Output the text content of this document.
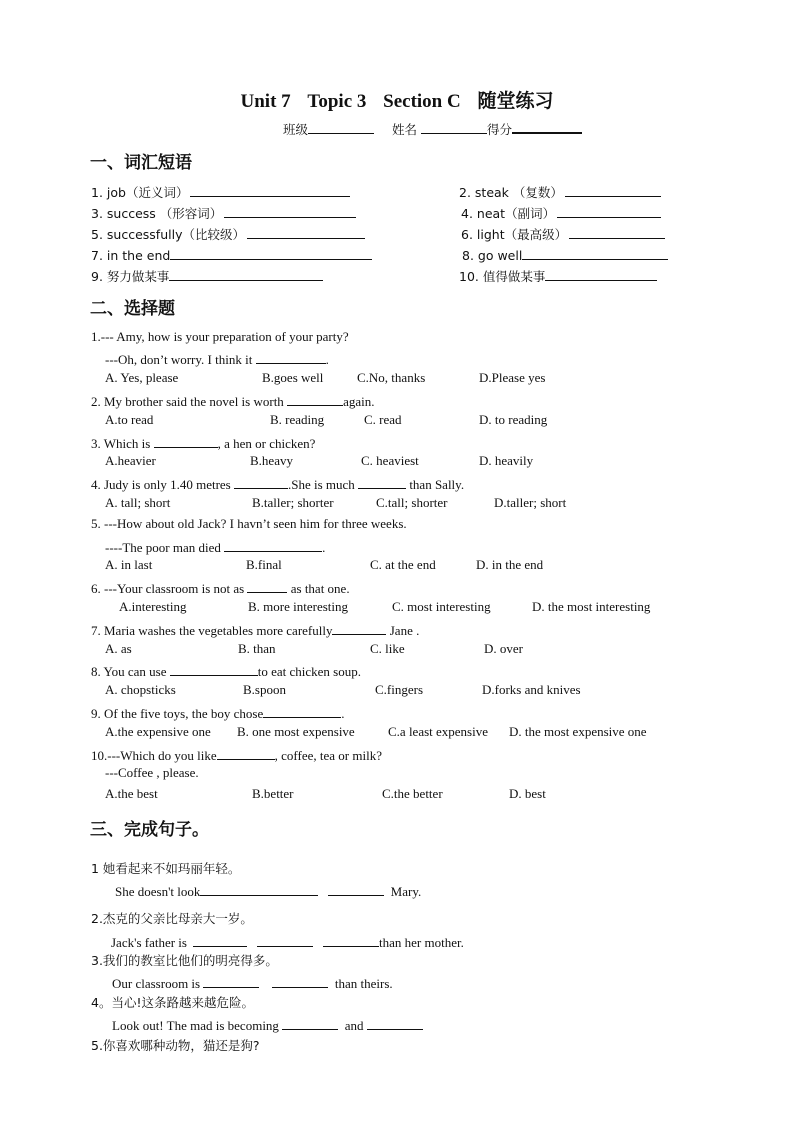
Unit 7 Topic 3 Section C 随堂练习
班级	姓名	得分
一、词汇短语
1. job（近义词）	2. steak （复数）
3. success （形容词）	4. neat（副词）
5. successfully（比较级）	6. light（最高级）
7. in the end	8. go well
9. 努力做某事	10. 值得做某事
二、选择题
1.--- Amy, how is your preparation of your party?
---Oh, don’t worry. I think it	.
A. Yes, please	B.goes well	C.No, thanks	D.Please yes
2. My brother said the novel is worth	again.
A.to read	B. reading	C. read	D. to reading
3. Which is	, a hen or chicken?
A.heavier	B.heavy	C. heaviest	D. heavily
4. Judy is only 1.40 metres	.She is much	than Sally.
A. tall; short	B.taller; shorter	C.tall; shorter	D.taller; short
5. ---How about old Jack? I havn’t seen him for three weeks.
----The poor man died	.
A. in last	B.final	C. at the end	D. in the end
6. ---Your classroom is not as	as that one.
A.interesting	B. more interesting	C. most interesting	D. the most interesting
7. Maria washes the vegetables more carefully	Jane .
A. as	B. than	C. like	D. over
8. You can use	to eat chicken soup.
A. chopsticks	B.spoon	C.fingers	D.forks and knives
9. Of the five toys, the boy chose	.
A.the expensive one B. one most expensive	C.a least expensive D. the most expensive one
10.---Which do you like	, coffee, tea or milk?
---Coffee , please.
A.the best	B.better	C.the better	D. best
三、完成句子。
1 她看起来不如玛丽年轻。
She doesn't look	Mary.
2.杰克的父亲比母亲大一岁。
Jack's father is	than her mother.
3.我们的教室比他们的明亮得多。
Our classroom is	than theirs.
4。当心!这条路越来越危险。
Look out! The mad is becoming	and
5.你喜欢哪种动物，猫还是狗?
